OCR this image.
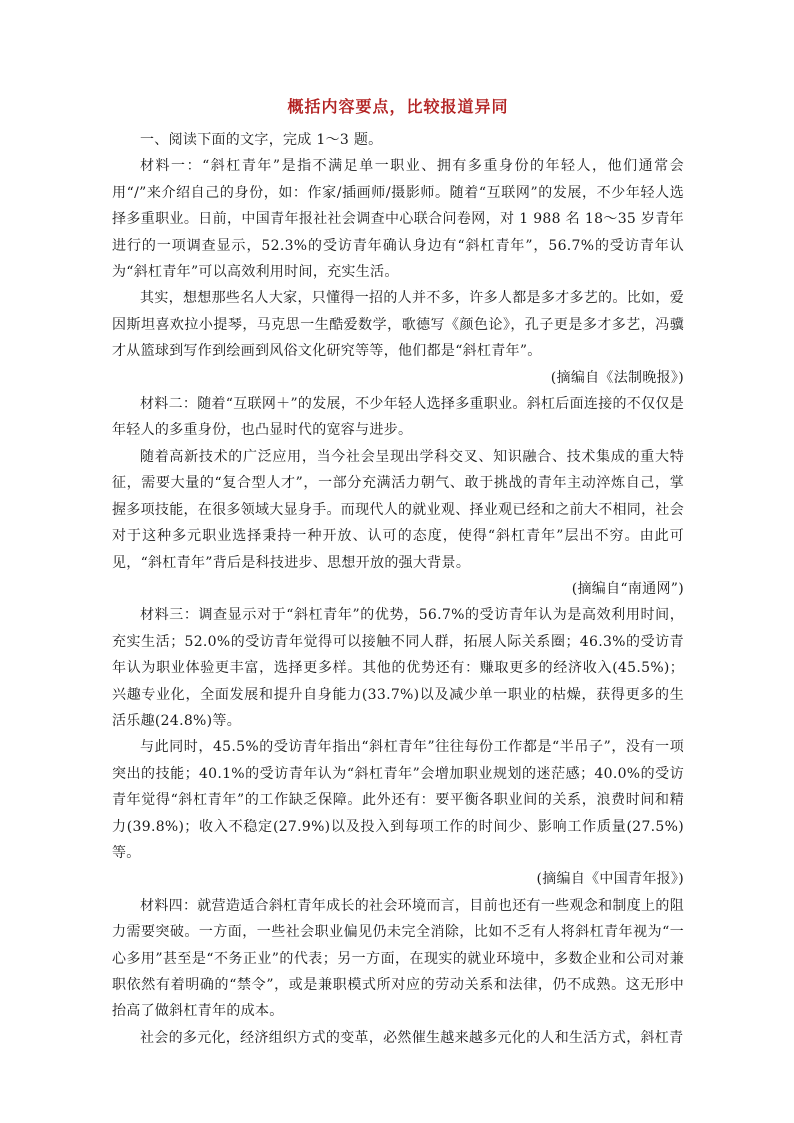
概括内容要点，比较报道异同

一、阅读下面的文字，完成 1～3 题。

材料一：“斜杠青年”是指不满足单一职业、拥有多重身份的年轻人，他们通常会用“/”来介绍自己的身份，如：作家/插画师/摄影师。随着“互联网”的发展，不少年轻人选择多重职业。日前，中国青年报社社会调查中心联合问卷网，对 1 988 名 18～35 岁青年进行的一项调查显示，52.3%的受访青年确认身边有“斜杠青年”，56.7%的受访青年认为“斜杠青年”可以高效利用时间，充实生活。

其实，想想那些名人大家，只懂得一招的人并不多，许多人都是多才多艺的。比如，爱因斯坦喜欢拉小提琴，马克思一生酷爱数学，歌德写《颜色论》，孔子更是多才多艺，冯骥才从篮球到写作到绘画到风俗文化研究等等，他们都是“斜杠青年”。

(摘编自《法制晚报》)

材料二：随着“互联网＋”的发展，不少年轻人选择多重职业。斜杠后面连接的不仅仅是年轻人的多重身份，也凸显时代的宽容与进步。

随着高新技术的广泛应用，当今社会呈现出学科交叉、知识融合、技术集成的重大特征，需要大量的“复合型人才”，一部分充满活力朝气、敢于挑战的青年主动淬炼自己，掌握多项技能，在很多领域大显身手。而现代人的就业观、择业观已经和之前大不相同，社会对于这种多元职业选择秉持一种开放、认可的态度，使得“斜杠青年”层出不穷。由此可见，“斜杠青年”背后是科技进步、思想开放的强大背景。

(摘编自“南通网”)

材料三：调查显示对于“斜杠青年”的优势，56.7%的受访青年认为是高效利用时间，充实生活；52.0%的受访青年觉得可以接触不同人群，拓展人际关系圈；46.3%的受访青年认为职业体验更丰富，选择更多样。其他的优势还有：赚取更多的经济收入(45.5%)；兴趣专业化，全面发展和提升自身能力(33.7%)以及减少单一职业的枯燥，获得更多的生活乐趣(24.8%)等。

与此同时，45.5%的受访青年指出“斜杠青年”往往每份工作都是“半吊子”，没有一项突出的技能；40.1%的受访青年认为“斜杠青年”会增加职业规划的迷茫感；40.0%的受访青年觉得“斜杠青年”的工作缺乏保障。此外还有：要平衡各职业间的关系，浪费时间和精力(39.8%)；收入不稳定(27.9%)以及投入到每项工作的时间少、影响工作质量(27.5%)等。

(摘编自《中国青年报》)

材料四：就营造适合斜杠青年成长的社会环境而言，目前也还有一些观念和制度上的阻力需要突破。一方面，一些社会职业偏见仍未完全消除，比如不乏有人将斜杠青年视为“一心多用”甚至是“不务正业”的代表；另一方面，在现实的就业环境中，多数企业和公司对兼职依然有着明确的“禁令”，或是兼职模式所对应的劳动关系和法律，仍不成熟。这无形中抬高了做斜杠青年的成本。

社会的多元化，经济组织方式的变革，必然催生越来越多元化的人和生活方式，斜杠青
